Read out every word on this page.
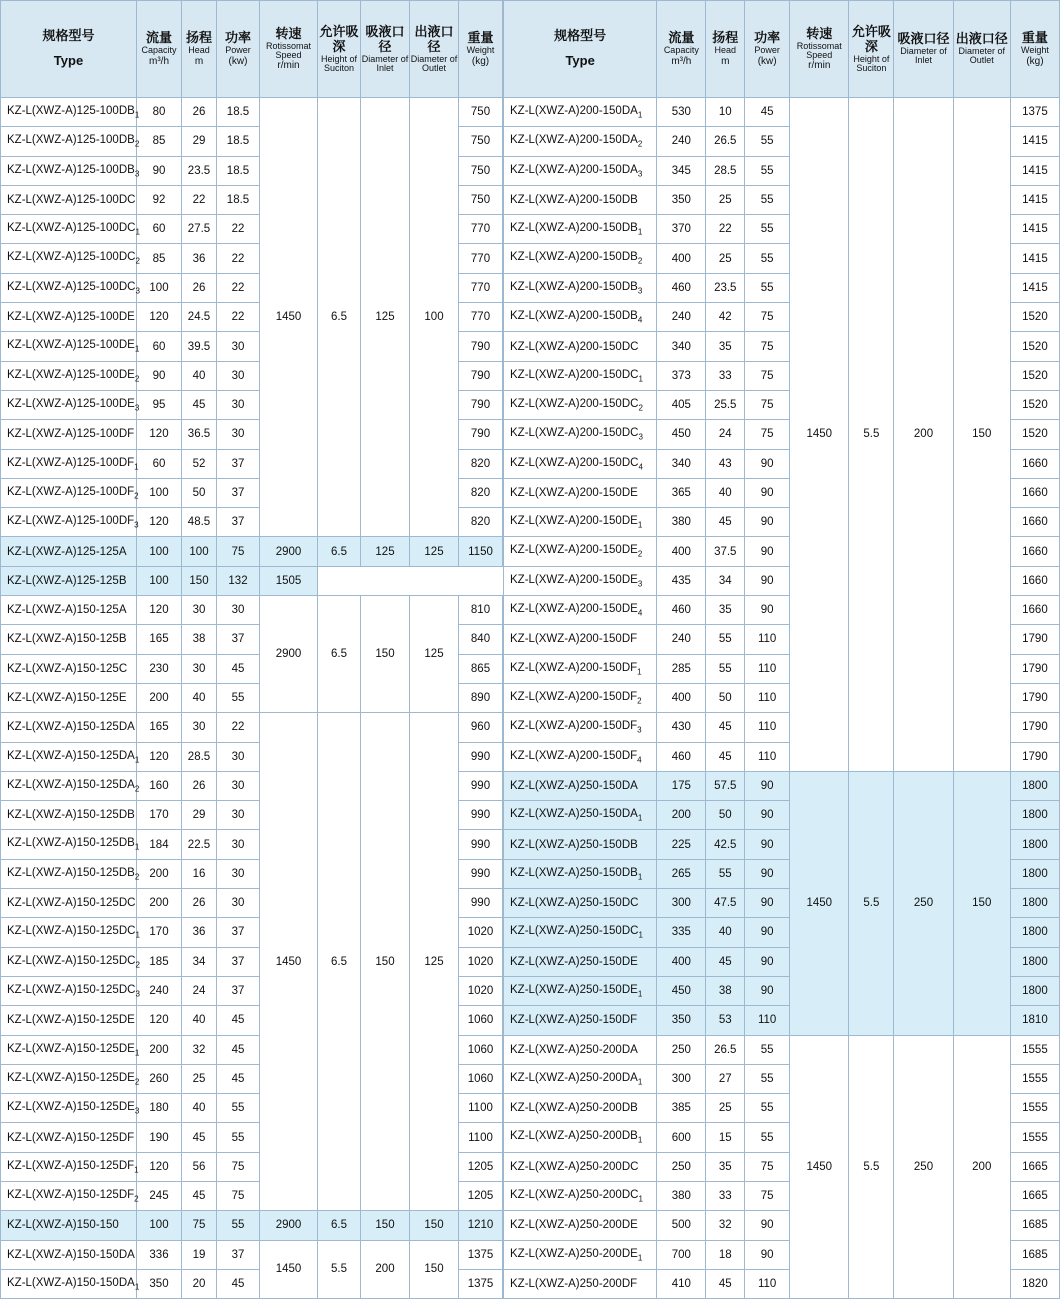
规格型号
Type

流量
Capacity
m³/h

扬程
Head
m

功率
Power
(kw)

转速
Rotissomat Speed
r/min

允许吸深
Height of Suciton

吸液口径
Diameter of Inlet

出液口径
Diameter of Outlet

重量
Weight
(kg)

$KZ-L(XWZ-A)125-100DB_1$	80	26	18.5	1450	6.5	125	100	750
$KZ-L(XWZ-A)125-100DB_2$	85	29	18.5					750
$KZ-L(XWZ-A)125-100DB_3$	90	23.5	18.5					750
KZ-L(XWZ-A)125-100DC	92	22	18.5					750
$KZ-L(XWZ-A)125-100DC_1$	60	27.5	22					770
$KZ-L(XWZ-A)125-100DC_2$	85	36	22					770
$KZ-L(XWZ-A)125-100DC_3$	100	26	22					770
KZ-L(XWZ-A)125-100DE	120	24.5	22					770
$KZ-L(XWZ-A)125-100DE_1$	60	39.5	30					790
$KZ-L(XWZ-A)125-100DE_2$	90	40	30					790
$KZ-L(XWZ-A)125-100DE_3$	95	45	30					790
KZ-L(XWZ-A)125-100DF	120	36.5	30					790
$KZ-L(XWZ-A)125-100DF_1$	60	52	37					820
$KZ-L(XWZ-A)125-100DF_2$	100	50	37					820
$KZ-L(XWZ-A)125-100DF_3$	120	48.5	37					820
KZ-L(XWZ-A)125-125A	100	100	75	2900	6.5	125	125	1150
KZ-L(XWZ-A)125-125B	100	150	132	1505				
KZ-L(XWZ-A)150-125A	120	30	30	2900	6.5	150	125	810
KZ-L(XWZ-A)150-125B	165	38	37					840
KZ-L(XWZ-A)150-125C	230	30	45					865
KZ-L(XWZ-A)150-125E	200	40	55					890
KZ-L(XWZ-A)150-125DA	165	30	22	1450	6.5	150	125	960
$KZ-L(XWZ-A)150-125DA_1$	120	28.5	30					990
$KZ-L(XWZ-A)150-125DA_2$	160	26	30					990
KZ-L(XWZ-A)150-125DB	170	29	30					990
$KZ-L(XWZ-A)150-125DB_1$	184	22.5	30					990
$KZ-L(XWZ-A)150-125DB_2$	200	16	30					990
KZ-L(XWZ-A)150-125DC	200	26	30					990
$KZ-L(XWZ-A)150-125DC_1$	170	36	37					1020
$KZ-L(XWZ-A)150-125DC_2$	185	34	37					1020
$KZ-L(XWZ-A)150-125DC_3$	240	24	37					1020
KZ-L(XWZ-A)150-125DE	120	40	45					1060
$KZ-L(XWZ-A)150-125DE_1$	200	32	45					1060
$KZ-L(XWZ-A)150-125DE_2$	260	25	45					1060
$KZ-L(XWZ-A)150-125DE_3$	180	40	55					1100
KZ-L(XWZ-A)150-125DF	190	45	55					1100
$KZ-L(XWZ-A)150-125DF_1$	120	56	75					1205
$KZ-L(XWZ-A)150-125DF_2$	245	45	75					1205
KZ-L(XWZ-A)150-150	100	75	55	2900	6.5	150	150	1210
KZ-L(XWZ-A)150-150DA	336	19	37	1450	5.5	200	150	1375
$KZ-L(XWZ-A)150-150DA_1$	350	20	45					1375
规格型号
Type

流量
Capacity
m³/h

扬程
Head
m

功率
Power
(kw)

转速
Rotissomat Speed
r/min

允许吸深
Height of Suciton

吸液口径
Diameter of Inlet

出液口径
Diameter of Outlet

重量
Weight
(kg)

$KZ-L(XWZ-A)200-150DA_1$	530	10	45	1450	5.5	200	150	1375
$KZ-L(XWZ-A)200-150DA_2$	240	26.5	55					1415
$KZ-L(XWZ-A)200-150DA_3$	345	28.5	55					1415
KZ-L(XWZ-A)200-150DB	350	25	55					1415
$KZ-L(XWZ-A)200-150DB_1$	370	22	55					1415
$KZ-L(XWZ-A)200-150DB_2$	400	25	55					1415
$KZ-L(XWZ-A)200-150DB_3$	460	23.5	55					1415
$KZ-L(XWZ-A)200-150DB_4$	240	42	75					1520
KZ-L(XWZ-A)200-150DC	340	35	75					1520
$KZ-L(XWZ-A)200-150DC_1$	373	33	75					1520
$KZ-L(XWZ-A)200-150DC_2$	405	25.5	75					1520
$KZ-L(XWZ-A)200-150DC_3$	450	24	75					1520
$KZ-L(XWZ-A)200-150DC_4$	340	43	90					1660
KZ-L(XWZ-A)200-150DE	365	40	90					1660
$KZ-L(XWZ-A)200-150DE_1$	380	45	90					1660
$KZ-L(XWZ-A)200-150DE_2$	400	37.5	90					1660
$KZ-L(XWZ-A)200-150DE_3$	435	34	90					1660
$KZ-L(XWZ-A)200-150DE_4$	460	35	90					1660
KZ-L(XWZ-A)200-150DF	240	55	110					1790
$KZ-L(XWZ-A)200-150DF_1$	285	55	110					1790
$KZ-L(XWZ-A)200-150DF_2$	400	50	110					1790
$KZ-L(XWZ-A)200-150DF_3$	430	45	110					1790
$KZ-L(XWZ-A)200-150DF_4$	460	45	110					1790
KZ-L(XWZ-A)250-150DA	175	57.5	90	1450	5.5	250	150	1800
$KZ-L(XWZ-A)250-150DA_1$	200	50	90					1800
KZ-L(XWZ-A)250-150DB	225	42.5	90					1800
$KZ-L(XWZ-A)250-150DB_1$	265	55	90					1800
KZ-L(XWZ-A)250-150DC	300	47.5	90					1800
$KZ-L(XWZ-A)250-150DC_1$	335	40	90					1800
KZ-L(XWZ-A)250-150DE	400	45	90					1800
$KZ-L(XWZ-A)250-150DE_1$	450	38	90					1800
KZ-L(XWZ-A)250-150DF	350	53	110					1810
KZ-L(XWZ-A)250-200DA	250	26.5	55	1450	5.5	250	200	1555
$KZ-L(XWZ-A)250-200DA_1$	300	27	55					1555
KZ-L(XWZ-A)250-200DB	385	25	55					1555
$KZ-L(XWZ-A)250-200DB_1$	600	15	55					1555
KZ-L(XWZ-A)250-200DC	250	35	75					1665
$KZ-L(XWZ-A)250-200DC_1$	380	33	75					1665
KZ-L(XWZ-A)250-200DE	500	32	90					1685
$KZ-L(XWZ-A)250-200DE_1$	700	18	90					1685
KZ-L(XWZ-A)250-200DF	410	45	110					1820
